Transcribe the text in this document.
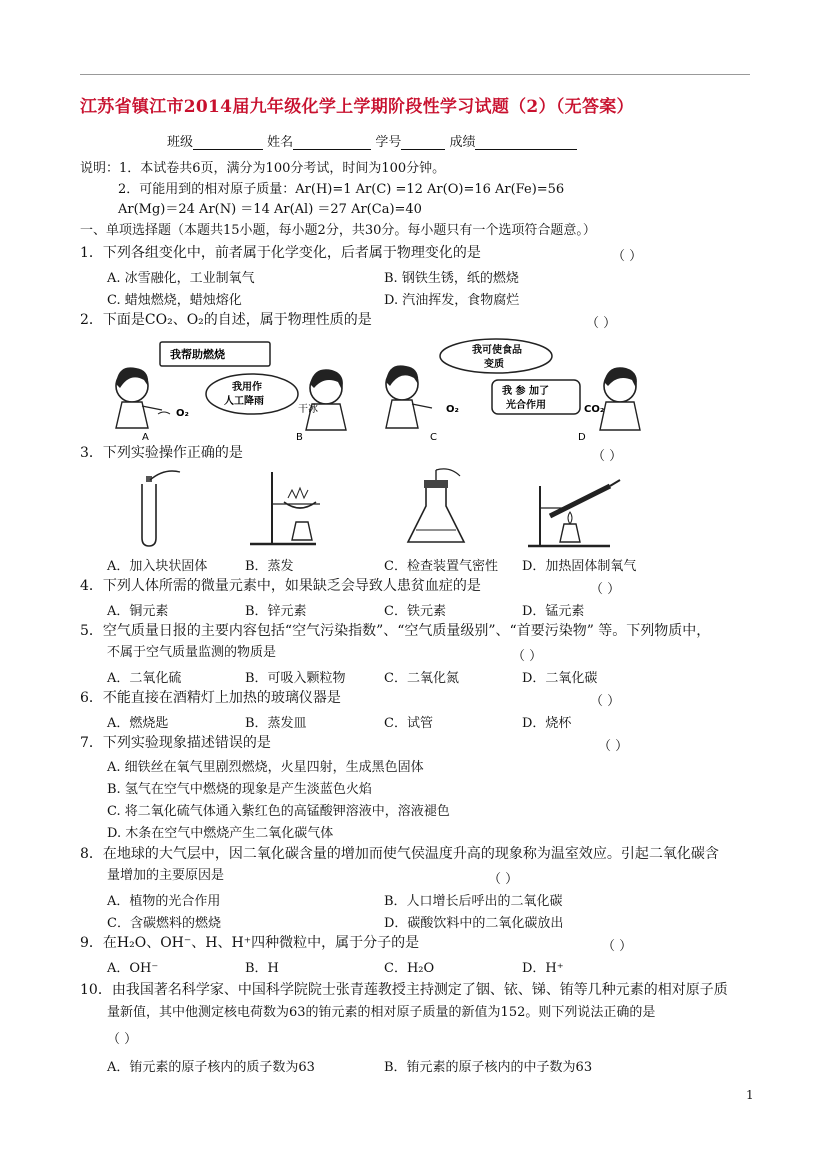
江苏省镇江市2014届九年级化学上学期阶段性学习试题（2）（无答案）
班级	姓名	学号	成绩
说明：1．本试卷共6页，满分为100分考试，时间为100分钟。
2．可能用到的相对原子质量：Ar(H)=1 Ar(C) =12 Ar(O)=16 Ar(Fe)=56
Ar(Mg)＝24 Ar(N) ＝14 Ar(Al) ＝27 Ar(Ca)=40
一、单项选择题（本题共15小题，每小题2分，共30分。每小题只有一个选项符合题意。）
1．下列各组变化中，前者属于化学变化，后者属于物理变化的是	（ ）
A. 冰雪融化，工业制氧气	B. 钢铁生锈，纸的燃烧
C. 蜡烛燃烧，蜡烛熔化	D. 汽油挥发，食物腐烂
2．下面是CO₂、O₂的自述，属于物理性质的是	（ ）
O₂
我帮助燃烧
我用作
人工降雨
干冰
A	B
O₂
我可使食品
变质
我 参 加了
光合作用	CO₂
C	D
3．下列实验操作正确的是	（ ）
A．加入块状固体	B．蒸发	C．检查装置气密性 D．加热固体制氧气
4．下列人体所需的微量元素中，如果缺乏会导致人患贫血症的是	（ ）
A．铜元素	B．锌元素	C．铁元素	D．锰元素
5．空气质量日报的主要内容包括“空气污染指数”、“空气质量级别”、“首要污染物” 等。下列物质中，
不属于空气质量监测的物质是	（ ）
A．二氧化硫	B．可吸入颗粒物	C．二氧化氮	D．二氧化碳
6．不能直接在酒精灯上加热的玻璃仪器是	（ ）
A．燃烧匙	B．蒸发皿	C．试管	D．烧杯
7．下列实验现象描述错误的是	（ ）
A. 细铁丝在氧气里剧烈燃烧，火星四射，生成黑色固体
B. 氢气在空气中燃烧的现象是产生淡蓝色火焰
C. 将二氧化硫气体通入紫红色的高锰酸钾溶液中，溶液褪色
D. 木条在空气中燃烧产生二氧化碳气体
8．在地球的大气层中，因二氧化碳含量的增加而使气侯温度升高的现象称为温室效应。引起二氧化碳含
量增加的主要原因是	（ ）
A．植物的光合作用	B．人口增长后呼出的二氧化碳
C．含碳燃料的燃烧	D．碳酸饮料中的二氧化碳放出
9．在H₂O、OH⁻、H、H⁺四种微粒中，属于分子的是	（ ）
A．OH⁻	B．H	C．H₂O	D．H⁺
10．由我国著名科学家、中国科学院院士张青莲教授主持测定了铟、铱、锑、铕等几种元素的相对原子质
量新值，其中他测定核电荷数为63的铕元素的相对原子质量的新值为152。则下列说法正确的是
（ ）
A．铕元素的原子核内的质子数为63	B．铕元素的原子核内的中子数为63
1
